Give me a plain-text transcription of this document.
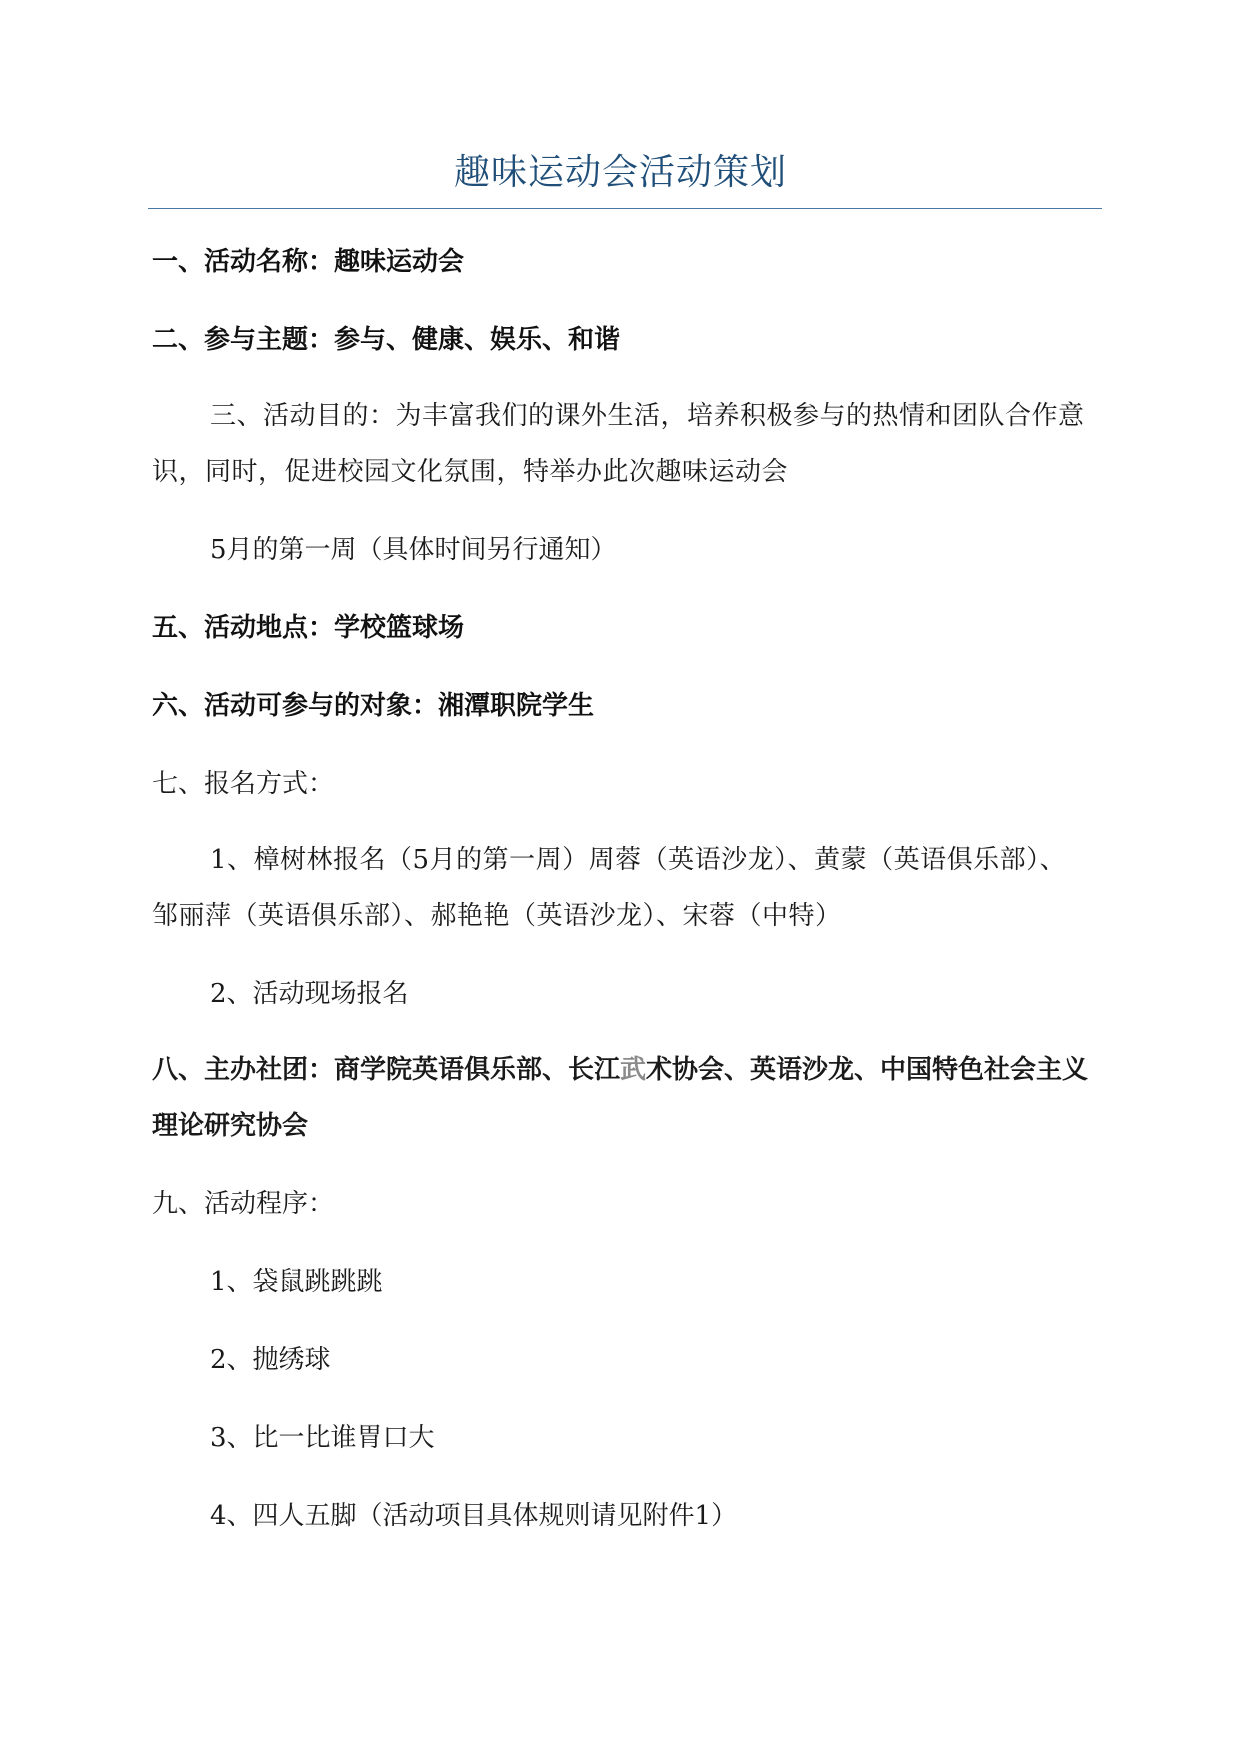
趣味运动会活动策划
一、活动名称：趣味运动会
二、参与主题：参与、健康、娱乐、和谐
三、活动目的：为丰富我们的课外生活，培养积极参与的热情和团队合作意识，同时，促进校园文化氛围，特举办此次趣味运动会
5月的第一周（具体时间另行通知）
五、活动地点：学校篮球场
六、活动可参与的对象：湘潭职院学生
七、报名方式：
1、樟树林报名（5月的第一周）周蓉（英语沙龙）、黄蒙（英语俱乐部）、邹丽萍（英语俱乐部）、郝艳艳（英语沙龙）、宋蓉（中特）
2、活动现场报名
八、主办社团：商学院英语俱乐部、长江武术协会、英语沙龙、中国特色社会主义理论研究协会
九、活动程序：
1、袋鼠跳跳跳
2、抛绣球
3、比一比谁胃口大
4、四人五脚（活动项目具体规则请见附件1）
